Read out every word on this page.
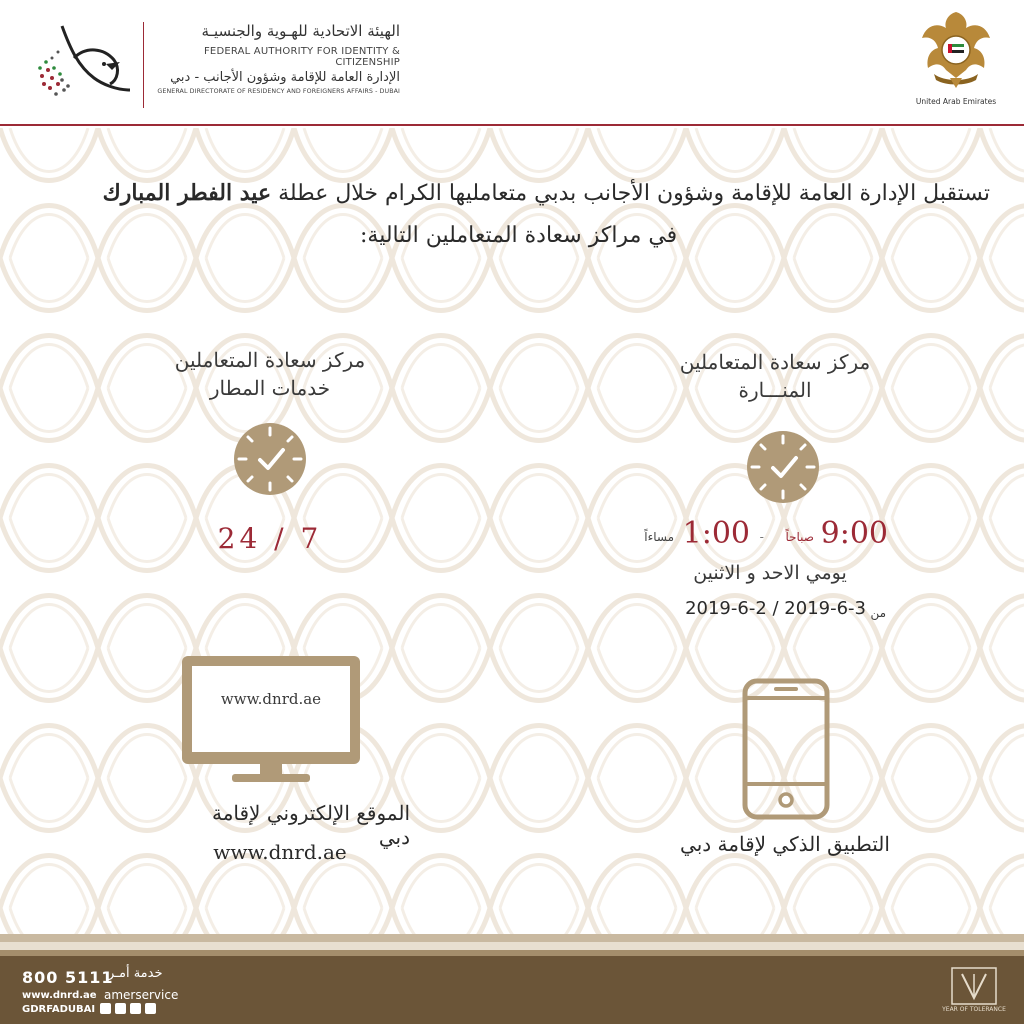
الهيئة الاتحادية للهـوية والجنسيـة
FEDERAL AUTHORITY FOR IDENTITY & CITIZENSHIP
الإدارة العامة للإقامة وشؤون الأجانب - دبي
GENERAL DIRECTORATE OF RESIDENCY AND FOREIGNERS AFFAIRS - DUBAI
United Arab Emirates
تستقبل الإدارة العامة للإقامة وشؤون الأجانب بدبي متعامليها الكرام خلال عطلة عيد الفطر المبارك
في مراكز سعادة المتعاملين التالية:
مركز سعادة المتعاملين
المنـــارة
9:00
صباحاً
-
1:00
مساءاً
يومي الاحد و الاثنين
من
2019-6-2 / 2019-6-3
مركز سعادة المتعاملين
خدمات المطار
24 / 7
www.dnrd.ae
الموقع الإلكتروني لإقامة دبي
www.dnrd.ae	التطبيق الذكي لإقامة دبي
800 5111
خدمة أمـر
www.dnrd.ae amerservice
GDRFADUBAI	YEAR OF TOLERANCE
